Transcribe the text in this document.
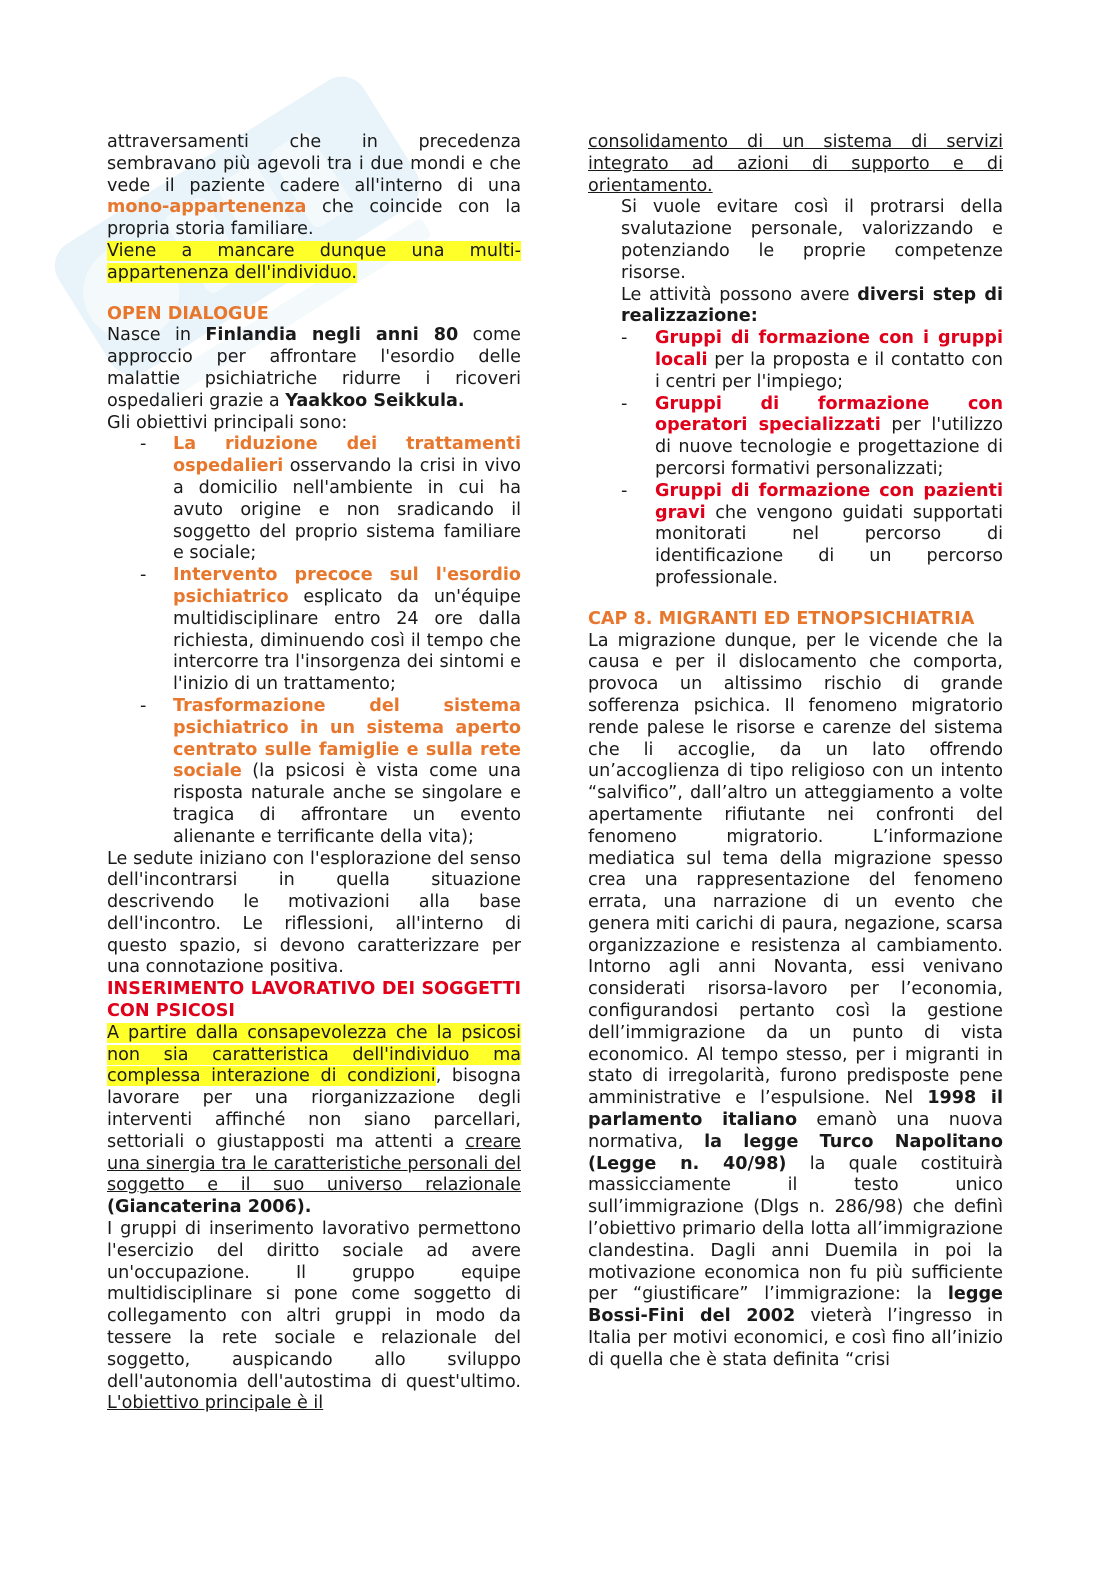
attraversamenti che in precedenza sembravano più agevoli tra i due mondi e che vede il paziente cadere all'interno di una mono-appartenenza che coincide con la propria storia familiare.

Viene a mancare dunque una multi-appartenenza dell'individuo.

OPEN DIALOGUE

Nasce in Finlandia negli anni 80 come approccio per affrontare l'esordio delle malattie psichiatriche ridurre i ricoveri ospedalieri grazie a Yaakkoo Seikkula.

Gli obiettivi principali sono:

- La riduzione dei trattamenti ospedalieri osservando la crisi in vivo a domicilio nell'ambiente in cui ha avuto origine e non sradicando il soggetto del proprio sistema familiare e sociale;
- Intervento precoce sul l'esordio psichiatrico esplicato da un'équipe multidisciplinare entro 24 ore dalla richiesta, diminuendo così il tempo che intercorre tra l'insorgenza dei sintomi e l'inizio di un trattamento;
- Trasformazione del sistema psichiatrico in un sistema aperto centrato sulle famiglie e sulla rete sociale (la psicosi è vista come una risposta naturale anche se singolare e tragica di affrontare un evento alienante e terrificante della vita);

Le sedute iniziano con l'esplorazione del senso dell'incontrarsi in quella situazione descrivendo le motivazioni alla base dell'incontro. Le riflessioni, all'interno di questo spazio, si devono caratterizzare per una connotazione positiva.

INSERIMENTO LAVORATIVO DEI SOGGETTI CON PSICOSI

A partire dalla consapevolezza che la psicosi non sia caratteristica dell'individuo ma complessa interazione di condizioni, bisogna lavorare per una riorganizzazione degli interventi affinché non siano parcellari, settoriali o giustapposti ma attenti a creare una sinergia tra le caratteristiche personali del soggetto e il suo universo relazionale (Giancaterina 2006).

I gruppi di inserimento lavorativo permettono l'esercizio del diritto sociale ad avere un'occupazione. Il gruppo equipe multidisciplinare si pone come soggetto di collegamento con altri gruppi in modo da tessere la rete sociale e relazionale del soggetto, auspicando allo sviluppo dell'autonomia dell'autostima di quest'ultimo. L'obiettivo principale è il

consolidamento di un sistema di servizi integrato ad azioni di supporto e di orientamento.

Si vuole evitare così il protrarsi della svalutazione personale, valorizzando e potenziando le proprie competenze risorse.

Le attività possono avere diversi step di realizzazione:

- Gruppi di formazione con i gruppi locali per la proposta e il contatto con i centri per l'impiego;
- Gruppi di formazione con operatori specializzati per l'utilizzo di nuove tecnologie e progettazione di percorsi formativi personalizzati;
- Gruppi di formazione con pazienti gravi che vengono guidati supportati monitorati nel percorso di identificazione di un percorso professionale.

CAP 8. MIGRANTI ED ETNOPSICHIATRIA

La migrazione dunque, per le vicende che la causa e per il dislocamento che comporta, provoca un altissimo rischio di grande sofferenza psichica. Il fenomeno migratorio rende palese le risorse e carenze del sistema che li accoglie, da un lato offrendo un’accoglienza di tipo religioso con un intento “salvifico”, dall’altro un atteggiamento a volte apertamente rifiutante nei confronti del fenomeno migratorio. L’informazione mediatica sul tema della migrazione spesso crea una rappresentazione del fenomeno errata, una narrazione di un evento che genera miti carichi di paura, negazione, scarsa organizzazione e resistenza al cambiamento. Intorno agli anni Novanta, essi venivano considerati risorsa-lavoro per l’economia, configurandosi pertanto così la gestione dell’immigrazione da un punto di vista economico. Al tempo stesso, per i migranti in stato di irregolarità, furono predisposte pene amministrative e l’espulsione. Nel 1998 il parlamento italiano emanò una nuova normativa, la legge Turco Napolitano (Legge n. 40/98) la quale costituirà massicciamente il testo unico sull’immigrazione (Dlgs n. 286/98) che definì l’obiettivo primario della lotta all’immigrazione clandestina. Dagli anni Duemila in poi la motivazione economica non fu più sufficiente per “giustificare” l’immigrazione: la legge Bossi-Fini del 2002 vieterà l’ingresso in Italia per motivi economici, e così fino all’inizio di quella che è stata definita “crisi
